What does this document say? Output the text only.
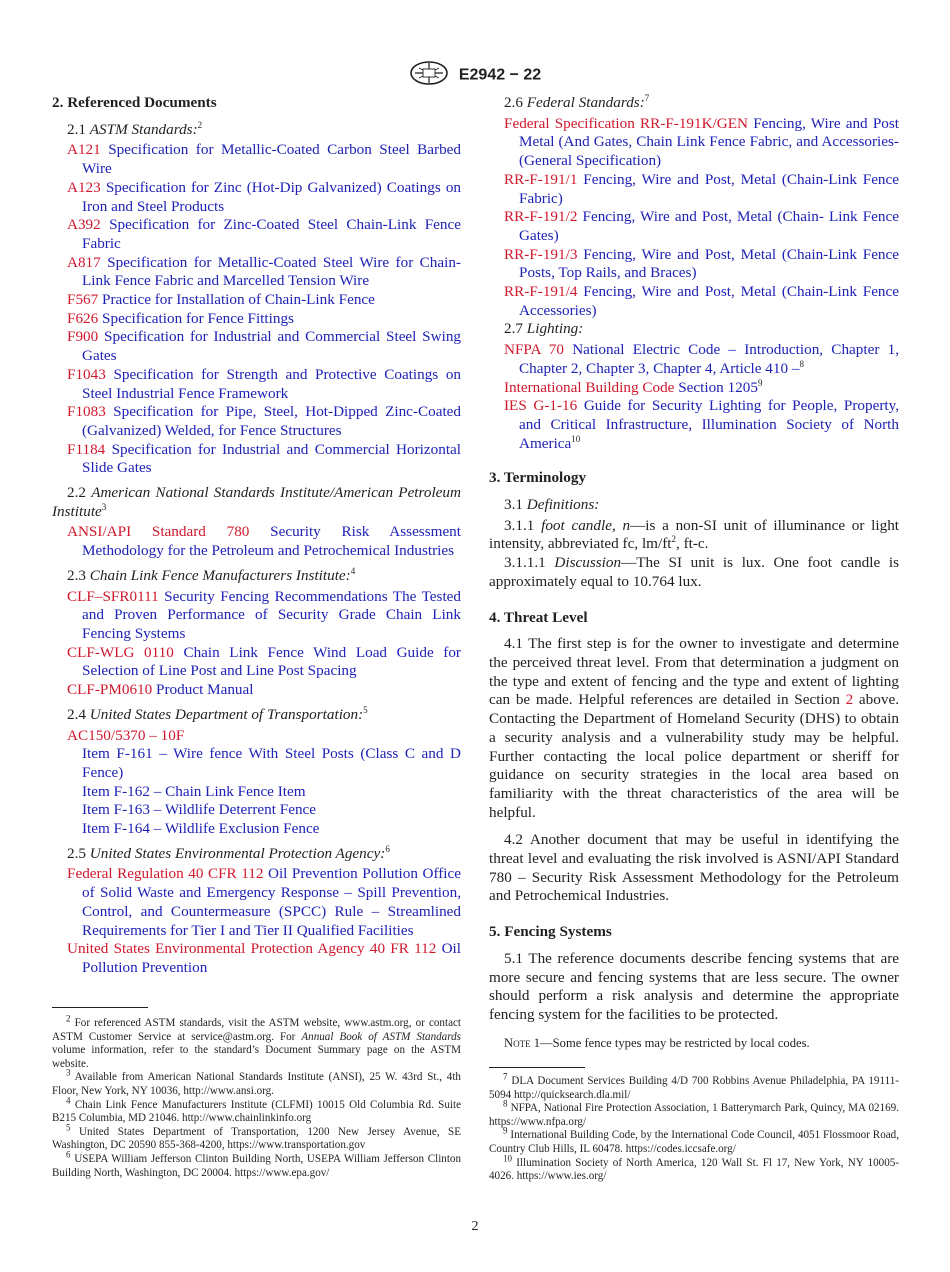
E2942 − 22
2. Referenced Documents
2.1 ASTM Standards:$^2$
A121 Specification for Metallic-Coated Carbon Steel Barbed Wire
A123 Specification for Zinc (Hot-Dip Galvanized) Coatings on Iron and Steel Products
A392 Specification for Zinc-Coated Steel Chain-Link Fence Fabric
A817 Specification for Metallic-Coated Steel Wire for Chain-Link Fence Fabric and Marcelled Tension Wire
F567 Practice for Installation of Chain-Link Fence
F626 Specification for Fence Fittings
F900 Specification for Industrial and Commercial Steel Swing Gates
F1043 Specification for Strength and Protective Coatings on Steel Industrial Fence Framework
F1083 Specification for Pipe, Steel, Hot-Dipped Zinc-Coated (Galvanized) Welded, for Fence Structures
F1184 Specification for Industrial and Commercial Horizontal Slide Gates
2.2 American National Standards Institute/American Petroleum Institute$^3$
ANSI/API Standard 780 Security Risk Assessment Methodology for the Petroleum and Petrochemical Industries
2.3 Chain Link Fence Manufacturers Institute:$^4$
CLF–SFR0111 Security Fencing Recommendations The Tested and Proven Performance of Security Grade Chain Link Fencing Systems
CLF-WLG 0110 Chain Link Fence Wind Load Guide for Selection of Line Post and Line Post Spacing
CLF-PM0610 Product Manual
2.4 United States Department of Transportation:$^5$
AC150/5370 – 10F
Item F-161 – Wire fence With Steel Posts (Class C and D Fence)
Item F-162 – Chain Link Fence Item
Item F-163 – Wildlife Deterrent Fence
Item F-164 – Wildlife Exclusion Fence
2.5 United States Environmental Protection Agency:$^6$
Federal Regulation 40 CFR 112 Oil Prevention Pollution Office of Solid Waste and Emergency Response – Spill Prevention, Control, and Countermeasure (SPCC) Rule – Streamlined Requirements for Tier I and Tier II Qualified Facilities
United States Environmental Protection Agency 40 FR 112 Oil Pollution Prevention
2.6 Federal Standards:$^7$
Federal Specification RR-F-191K/GEN Fencing, Wire and Post Metal (And Gates, Chain Link Fence Fabric, and Accessories-(General Specification)
RR-F-191/1 Fencing, Wire and Post, Metal (Chain-Link Fence Fabric)
RR-F-191/2 Fencing, Wire and Post, Metal (Chain- Link Fence Gates)
RR-F-191/3 Fencing, Wire and Post, Metal (Chain-Link Fence Posts, Top Rails, and Braces)
RR-F-191/4 Fencing, Wire and Post, Metal (Chain-Link Fence Accessories)
2.7 Lighting:
NFPA 70 National Electric Code – Introduction, Chapter 1, Chapter 2, Chapter 3, Chapter 4, Article 410 –$^8$
International Building Code Section 1205$^9$
IES G-1-16 Guide for Security Lighting for People, Property, and Critical Infrastructure, Illumination Society of North America$^{10}$
3. Terminology
3.1 Definitions:
3.1.1 foot candle, n—is a non-SI unit of illuminance or light intensity, abbreviated fc, $lm/ft^2$, ft-c.
3.1.1.1 Discussion—The SI unit is lux. One foot candle is approximately equal to 10.764 lux.
4. Threat Level
4.1 The first step is for the owner to investigate and determine the perceived threat level. From that determination a judgment on the type and extent of fencing and the type and extent of lighting can be made. Helpful references are detailed in Section 2 above. Contacting the Department of Homeland Security (DHS) to obtain a security analysis and a vulnerability study may be helpful. Further contacting the local police department or sheriff for guidance on security strategies in the local area based on familiarity with the threat characteristics of the area will be helpful.
4.2 Another document that may be useful in identifying the threat level and evaluating the risk involved is ASNI/API Standard 780 – Security Risk Assessment Methodology for the Petroleum and Petrochemical Industries.
5. Fencing Systems
5.1 The reference documents describe fencing systems that are more secure and fencing systems that are less secure. The owner should perform a risk analysis and determine the appropriate fencing system for the facilities to be protected.
Note 1—Some fence types may be restricted by local codes.

$^2$ For referenced ASTM standards, visit the ASTM website, www.astm.org, or contact ASTM Customer Service at service@astm.org. For Annual Book of ASTM Standards volume information, refer to the standard’s Document Summary page on the ASTM website.

$^3$ Available from American National Standards Institute (ANSI), 25 W. 43rd St., 4th Floor, New York, NY 10036, http://www.ansi.org.

$^4$ Chain Link Fence Manufacturers Institute (CLFMI) 10015 Old Columbia Rd. Suite B215 Columbia, MD 21046. http://www.chainlinkinfo.org

$^5$ United States Department of Transportation, 1200 New Jersey Avenue, SE Washington, DC 20590 855-368-4200, https://www.transportation.gov

$^6$ USEPA William Jefferson Clinton Building North, USEPA William Jefferson Clinton Building North, Washington, DC 20004. https://www.epa.gov/

$^7$ DLA Document Services Building 4/D 700 Robbins Avenue Philadelphia, PA 19111-5094 http://quicksearch.dla.mil/

$^8$ NFPA, National Fire Protection Association, 1 Batterymarch Park, Quincy, MA 02169. https://www.nfpa.org/

$^9$ International Building Code, by the International Code Council, 4051 Flossmoor Road, Country Club Hills, IL 60478. https://codes.iccsafe.org/

$^{10}$ Illumination Society of North America, 120 Wall St. Fl 17, New York, NY 10005-4026. https://www.ies.org/

2
